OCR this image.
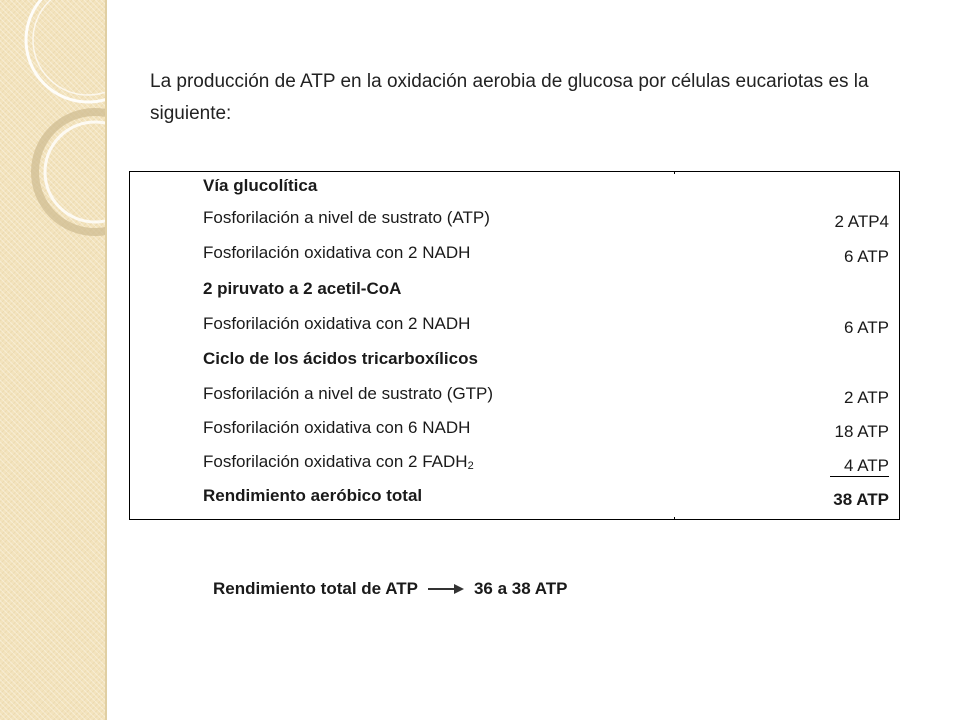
La producción de ATP en la oxidación aerobia de glucosa por células eucariotas es la siguiente:

Vía glucolítica
Fosforilación a nivel de sustrato (ATP)	2 ATP4
Fosforilación oxidativa con 2 NADH	6 ATP
2 piruvato a 2 acetil-CoA
Fosforilación oxidativa con 2 NADH	6 ATP
Ciclo de los ácidos tricarboxílicos
Fosforilación a nivel de sustrato (GTP)	2 ATP
Fosforilación oxidativa con 6 NADH	18 ATP
Fosforilación oxidativa con 2 $FADH_2$	4 ATP
Rendimiento aeróbico total	38 ATP
Rendimiento total de ATP	36 a 38 ATP
